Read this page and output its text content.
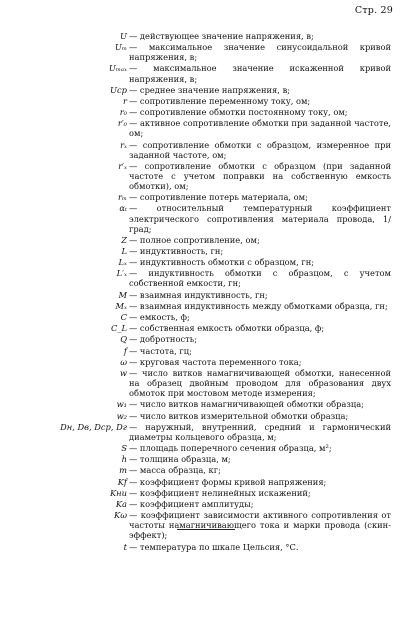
Стр. 29
U — действующее значение напряжения, в;
Uₘ — максимальное значение синусоидальной кривой напряжения, в;
Uₘₐₓ — максимальное значение искаженной кривой напряжения, в;
Uср — среднее значение напряжения, в;
r — сопротивление переменному току, ом;
r₀ — сопротивление обмотки постоянному току, ом;
r′₀ — активное сопротивление обмотки при заданной частоте, ом;
rₓ — сопротивление обмотки с образцом, измеренное при заданной частоте, ом;
r′ₓ — сопротивление обмотки с образцом (при заданной частоте с учетом поправки на собственную емкость обмотки), ом;
rₘ — сопротивление потерь материала, ом;
αₜ — относительный температурный коэффициент электрического сопротивления материала провода, 1/град;
Z — полное сопротивление, ом;
L — индуктивность, гн;
Lₓ — индуктивность обмотки с образцом, гн;
L′ₓ — индуктивность обмотки с образцом, с учетом собственной емкости, гн;
M — взаимная индуктивность, гн;
Mₓ — взаимная индуктивность между обмотками образца, гн;
C — емкость, ф;
C_L — собственная емкость обмотки образца, ф;
Q — добротность;
f — частота, гц;
ω — круговая частота переменного тока;
w — число витков намагничивающей обмотки, нанесенной на образец двойным проводом для образования двух обмоток при мостовом методе измерения;
w₁ — число витков намагничивающей обмотки образца;
w₂ — число витков измерительной обмотки образца;
Dн, Dв, Dср, Dг — наружный, внутренний, средний и гармонический диаметры кольцевого образца, м;
S — площадь поперечного сечения образца, м²;
h — толщина образца, м;
m — масса образца, кг;
Kf — коэффициент формы кривой напряжения;
Kни — коэффициент нелинейных искажений;
Kа — коэффициент амплитуды;
Kω — коэффициент зависимости активного сопротивления от частоты намагничивающего тока и марки провода (скин-эффект);
t — температура по шкале Цельсия, °С.
